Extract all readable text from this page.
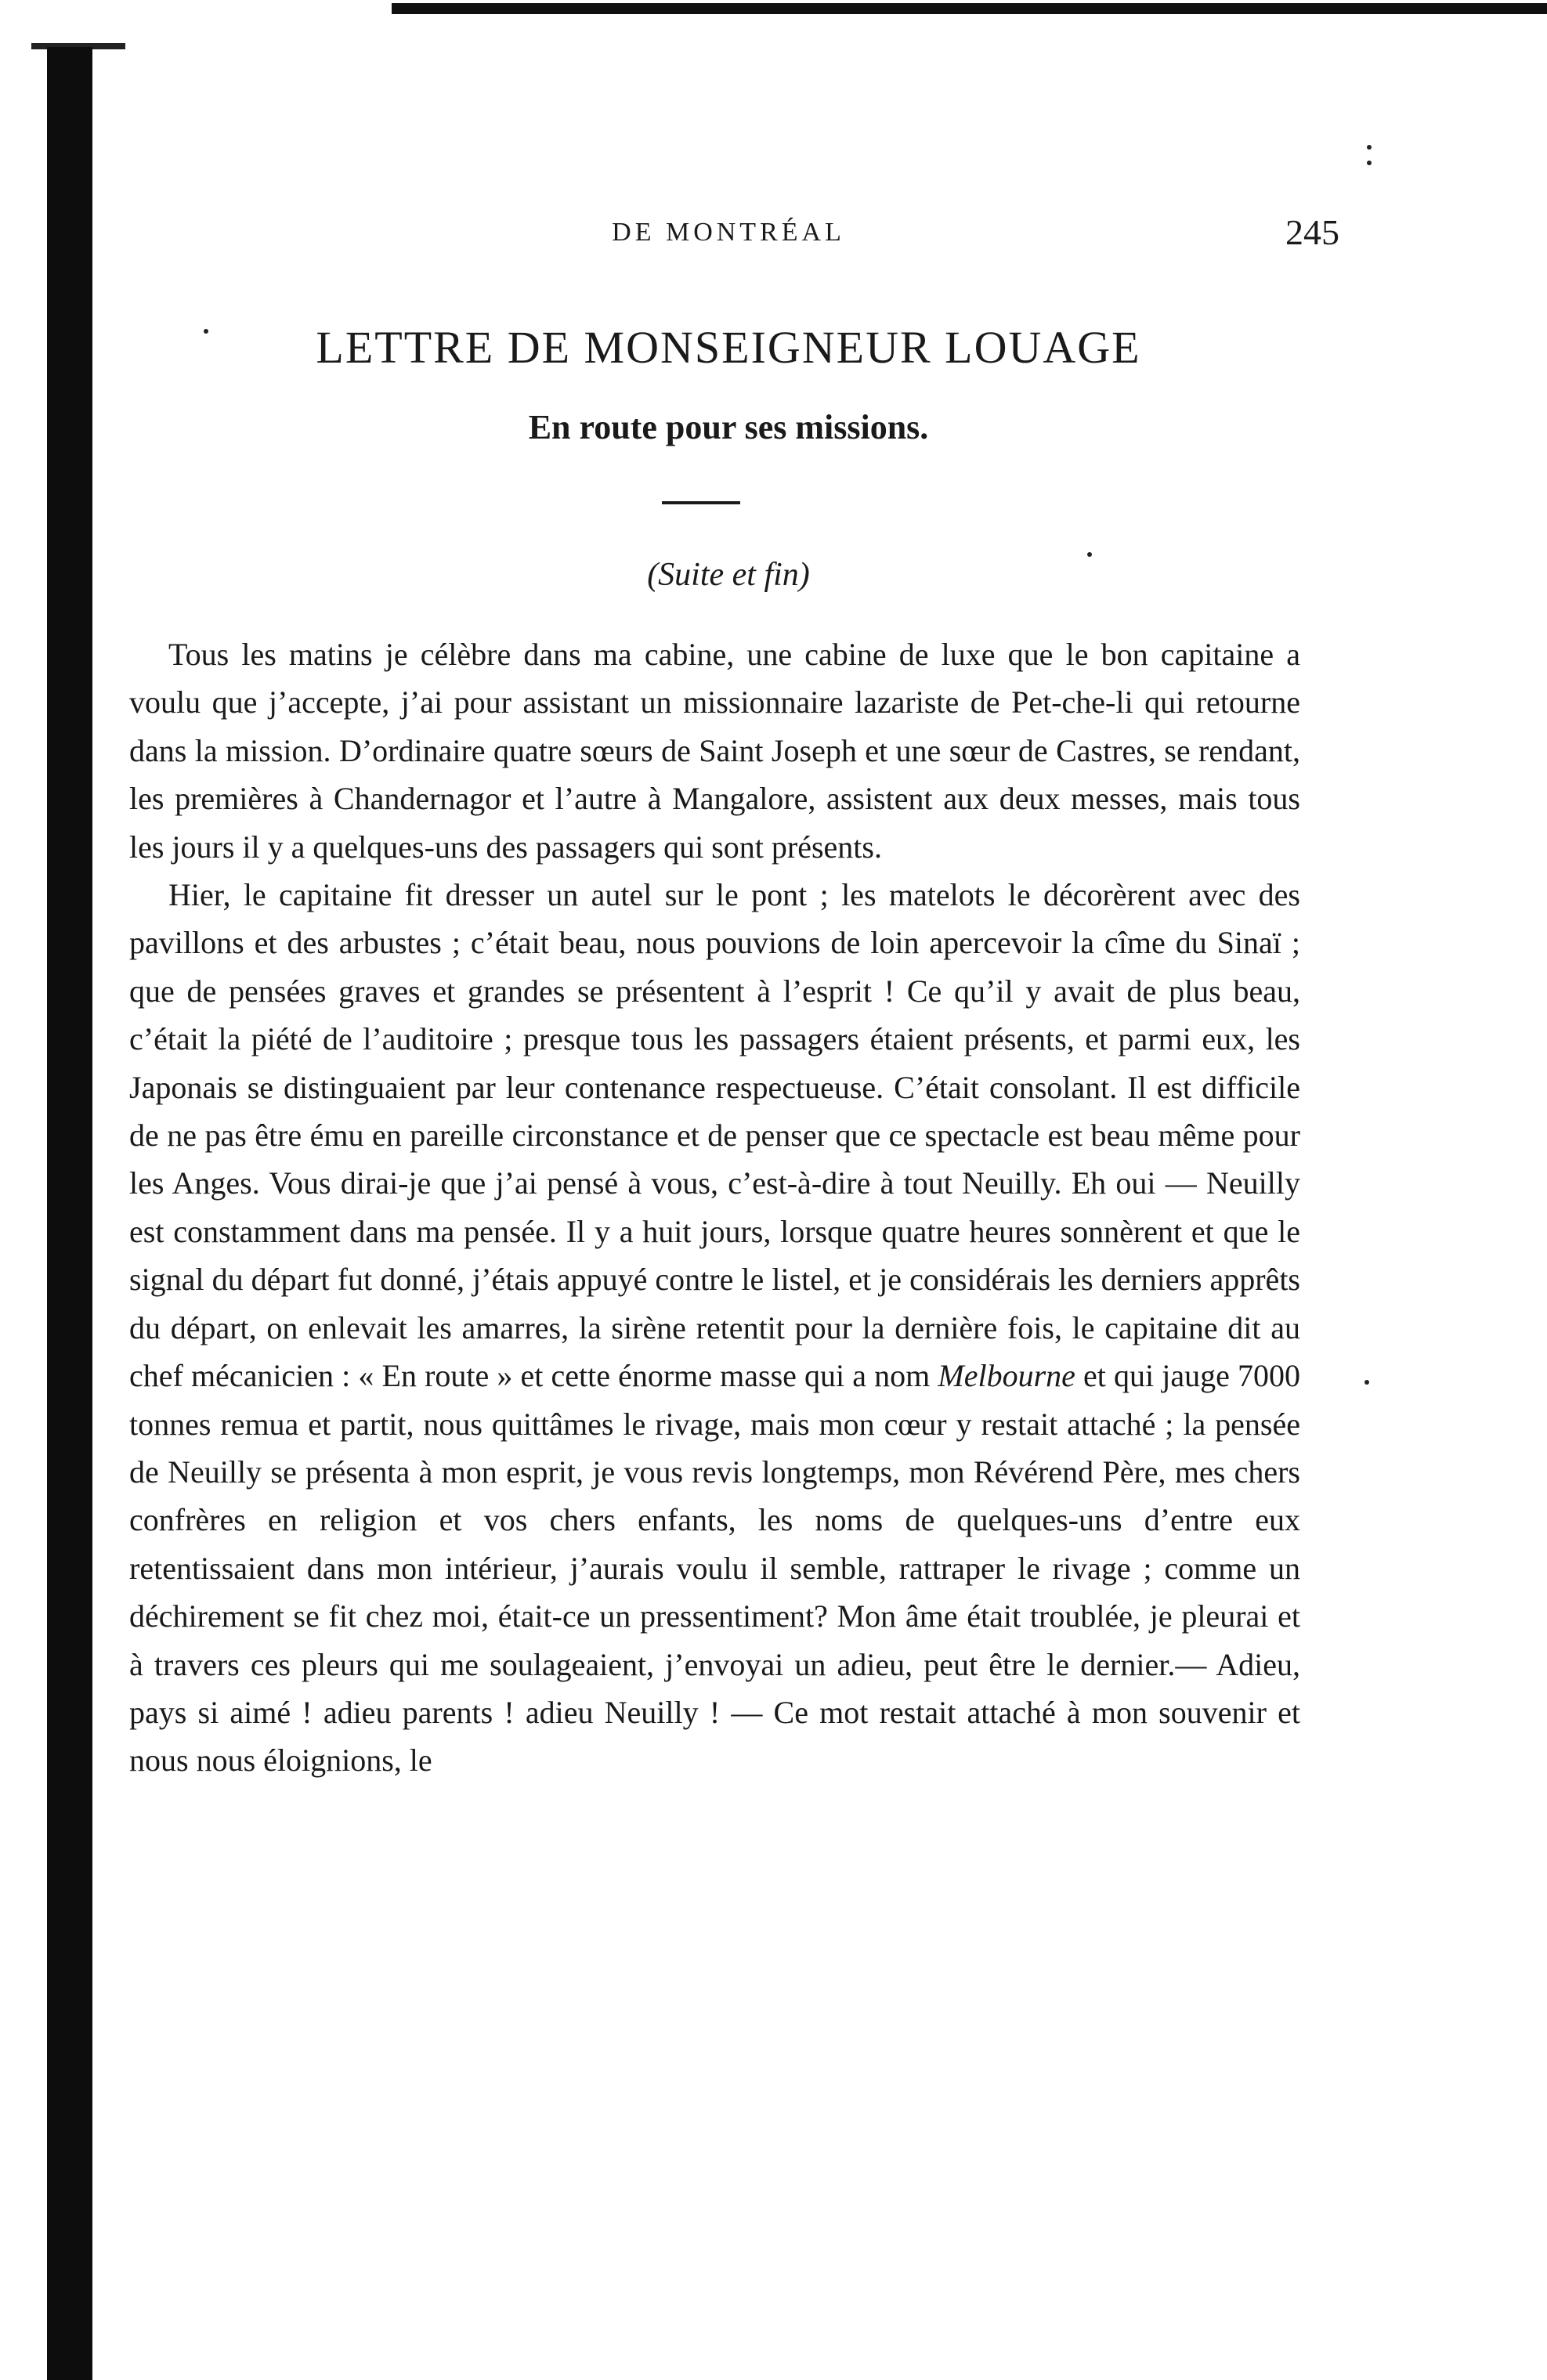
DE MONTRÉAL	245
LETTRE DE MONSEIGNEUR LOUAGE
En route pour ses missions.
(Suite et fin)

Tous les matins je célèbre dans ma cabine, une cabine de luxe que le bon capitaine a voulu que j’accepte, j’ai pour assistant un missionnaire lazariste de Pet-che-li qui retourne dans la mission. D’ordinaire quatre sœurs de Saint Joseph et une sœur de Castres, se rendant, les premières à Chandernagor et l’autre à Mangalore, assistent aux deux messes, mais tous les jours il y a quelques-uns des passagers qui sont présents.

Hier, le capitaine fit dresser un autel sur le pont ; les matelots le décorèrent avec des pavillons et des arbustes ; c’était beau, nous pouvions de loin apercevoir la cîme du Sinaï ; que de pensées graves et grandes se présentent à l’esprit ! Ce qu’il y avait de plus beau, c’était la piété de l’auditoire ; presque tous les passagers étaient présents, et parmi eux, les Japonais se distinguaient par leur contenance respectueuse. C’était consolant. Il est difficile de ne pas être ému en pareille circonstance et de penser que ce spectacle est beau même pour les Anges. Vous dirai-je que j’ai pensé à vous, c’est-à-dire à tout Neuilly. Eh oui — Neuilly est constamment dans ma pensée. Il y a huit jours, lorsque quatre heures sonnèrent et que le signal du départ fut donné, j’étais appuyé contre le listel, et je considérais les derniers apprêts du départ, on enlevait les amarres, la sirène retentit pour la dernière fois, le capitaine dit au chef mécanicien : « En route » et cette énorme masse qui a nom Melbourne et qui jauge 7000 tonnes remua et partit, nous quittâmes le rivage, mais mon cœur y restait attaché ; la pensée de Neuilly se présenta à mon esprit, je vous revis longtemps, mon Révérend Père, mes chers confrères en religion et vos chers enfants, les noms de quelques-uns d’entre eux retentissaient dans mon intérieur, j’aurais voulu il semble, rattraper le rivage ; comme un déchirement se fit chez moi, était-ce un pressentiment? Mon âme était troublée, je pleurai et à travers ces pleurs qui me soulageaient, j’envoyai un adieu, peut être le dernier.— Adieu, pays si aimé ! adieu parents ! adieu Neuilly ! — Ce mot restait attaché à mon souvenir et nous nous éloignions, le
